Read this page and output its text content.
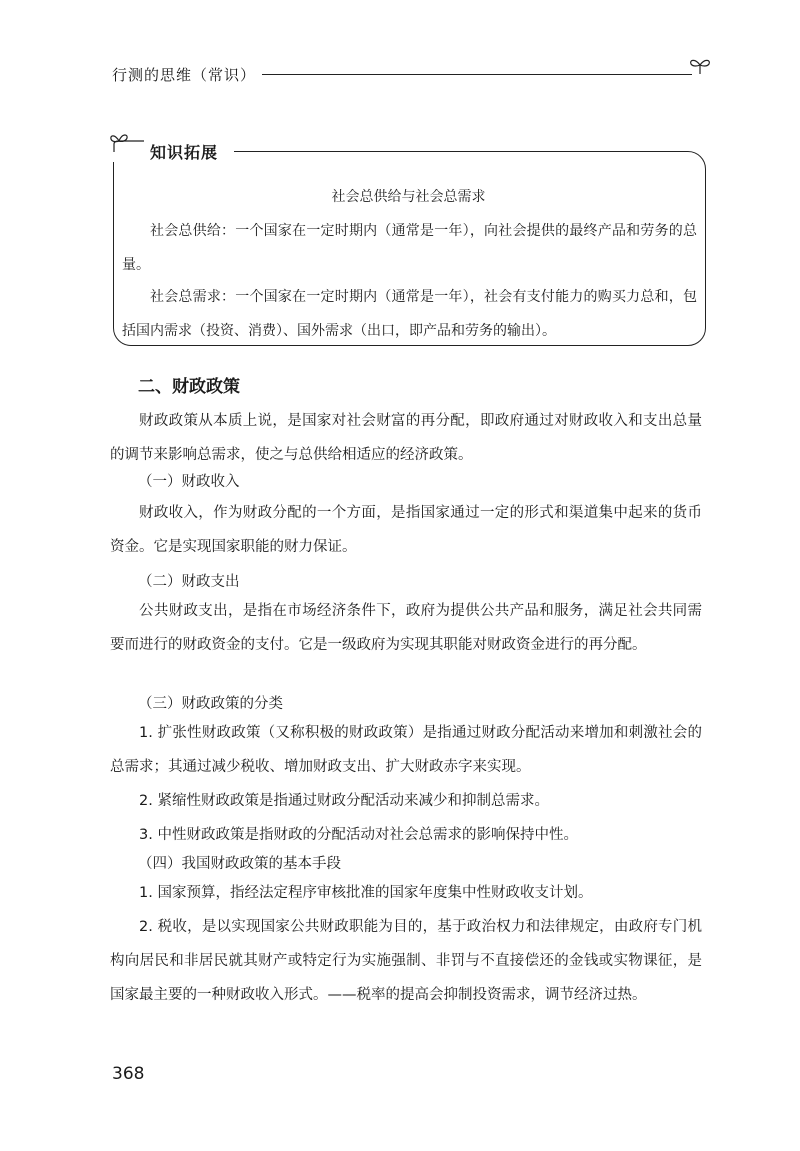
行测的思维（常识）
知识拓展
社会总供给与社会总需求
社会总供给：一个国家在一定时期内（通常是一年），向社会提供的最终产品和劳务的总量。
社会总需求：一个国家在一定时期内（通常是一年），社会有支付能力的购买力总和，包括国内需求（投资、消费）、国外需求（出口，即产品和劳务的输出）。
二、财政政策
财政政策从本质上说，是国家对社会财富的再分配，即政府通过对财政收入和支出总量的调节来影响总需求，使之与总供给相适应的经济政策。
（一）财政收入
财政收入，作为财政分配的一个方面，是指国家通过一定的形式和渠道集中起来的货币资金。它是实现国家职能的财力保证。
（二）财政支出
公共财政支出，是指在市场经济条件下，政府为提供公共产品和服务，满足社会共同需要而进行的财政资金的支付。它是一级政府为实现其职能对财政资金进行的再分配。
（三）财政政策的分类
1. 扩张性财政政策（又称积极的财政政策）是指通过财政分配活动来增加和刺激社会的总需求；其通过减少税收、增加财政支出、扩大财政赤字来实现。
2. 紧缩性财政政策是指通过财政分配活动来减少和抑制总需求。
3. 中性财政政策是指财政的分配活动对社会总需求的影响保持中性。
（四）我国财政政策的基本手段
1. 国家预算，指经法定程序审核批准的国家年度集中性财政收支计划。
2. 税收，是以实现国家公共财政职能为目的，基于政治权力和法律规定，由政府专门机构向居民和非居民就其财产或特定行为实施强制、非罚与不直接偿还的金钱或实物课征，是国家最主要的一种财政收入形式。——税率的提高会抑制投资需求，调节经济过热。
368
